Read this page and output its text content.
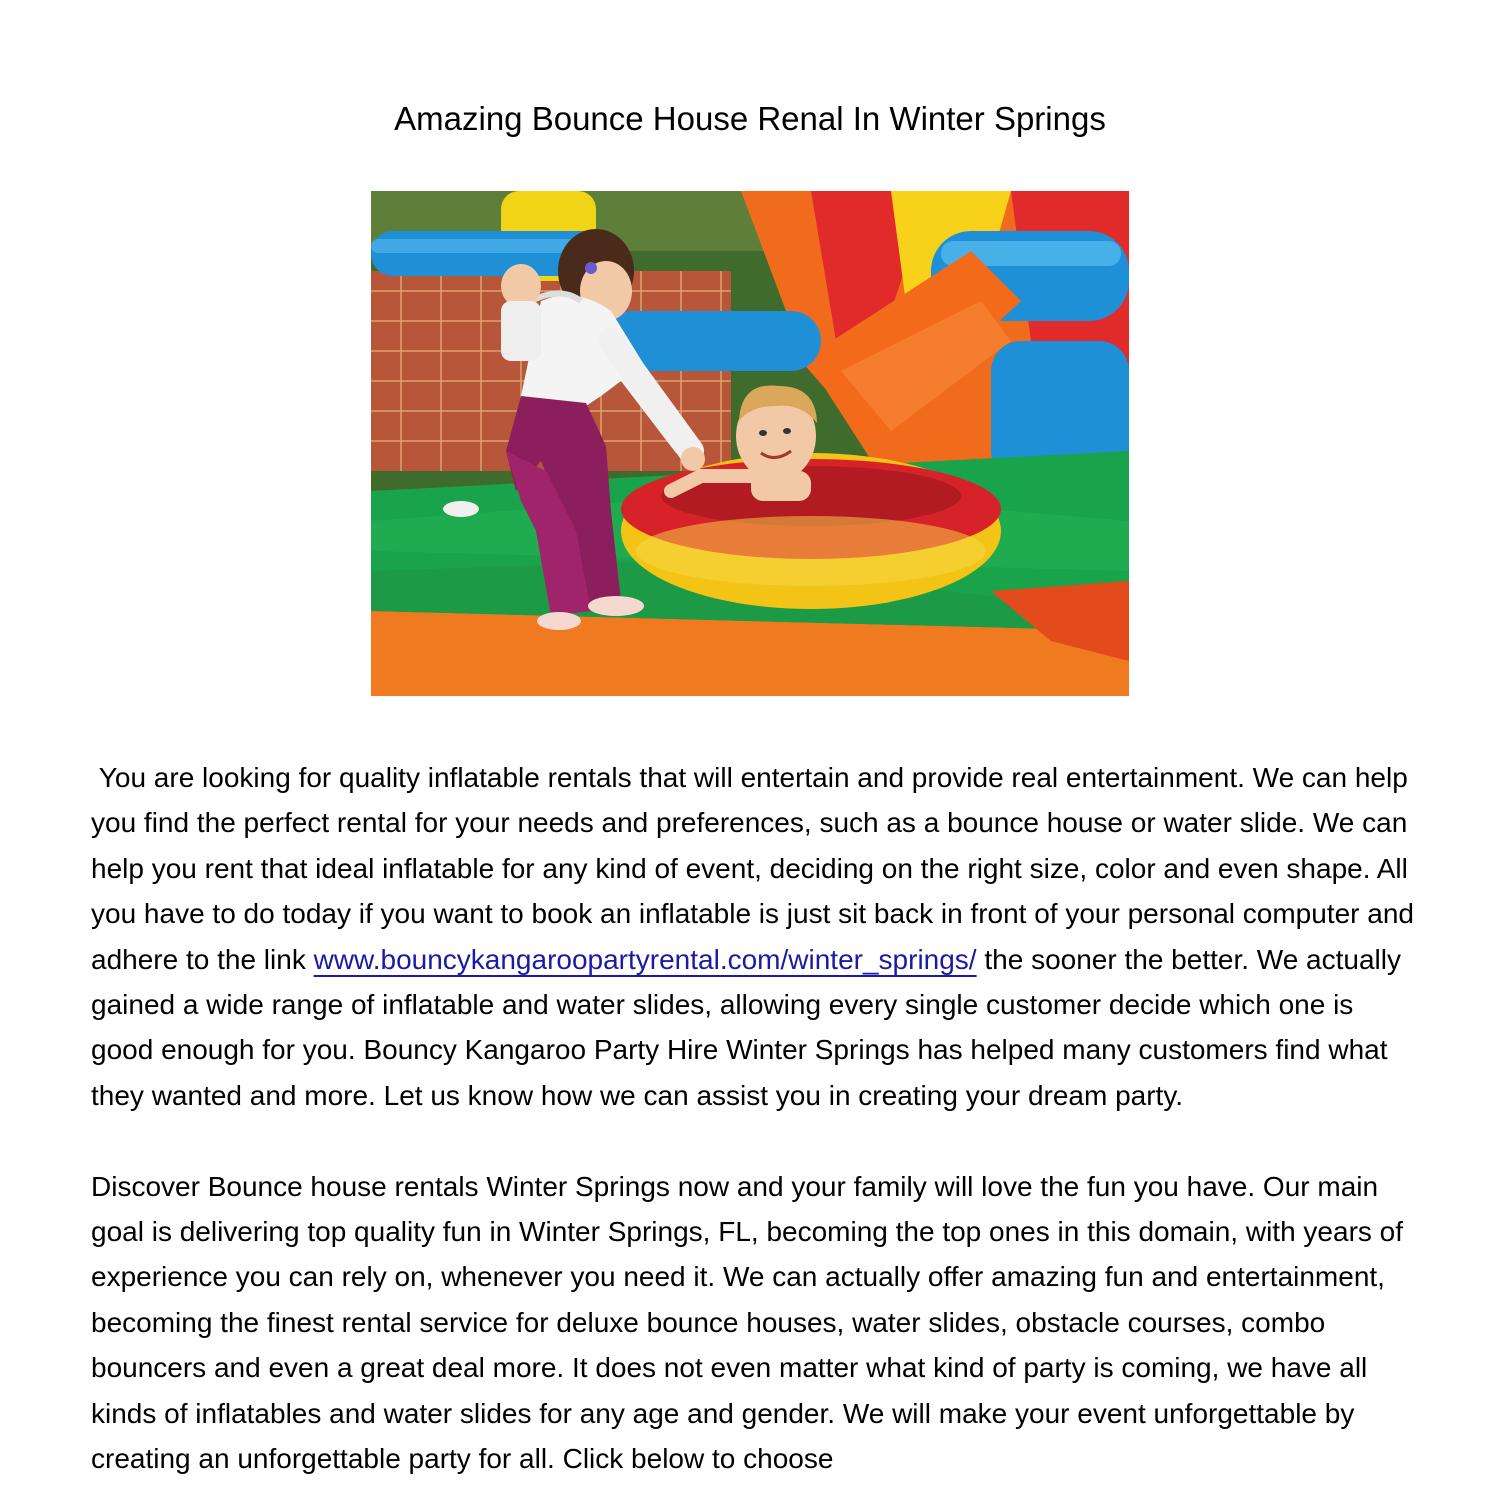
Amazing Bounce House Renal In Winter Springs

You are looking for quality inflatable rentals that will entertain and provide real entertainment. We can help you find the perfect rental for your needs and preferences, such as a bounce house or water slide. We can help you rent that ideal inflatable for any kind of event, deciding on the right size, color and even shape. All you have to do today if you want to book an inflatable is just sit back in front of your personal computer and adhere to the link www.bouncykangaroopartyrental.com/winter_springs/ the sooner the better. We actually gained a wide range of inflatable and water slides, allowing every single customer decide which one is good enough for you. Bouncy Kangaroo Party Hire Winter Springs has helped many customers find what they wanted and more. Let us know how we can assist you in creating your dream party.

Discover Bounce house rentals Winter Springs now and your family will love the fun you have. Our main goal is delivering top quality fun in Winter Springs, FL, becoming the top ones in this domain, with years of experience you can rely on, whenever you need it. We can actually offer amazing fun and entertainment, becoming the finest rental service for deluxe bounce houses, water slides, obstacle courses, combo bouncers and even a great deal more. It does not even matter what kind of party is coming, we have all kinds of inflatables and water slides for any age and gender. We will make your event unforgettable by creating an unforgettable party for all. Click below to choose
